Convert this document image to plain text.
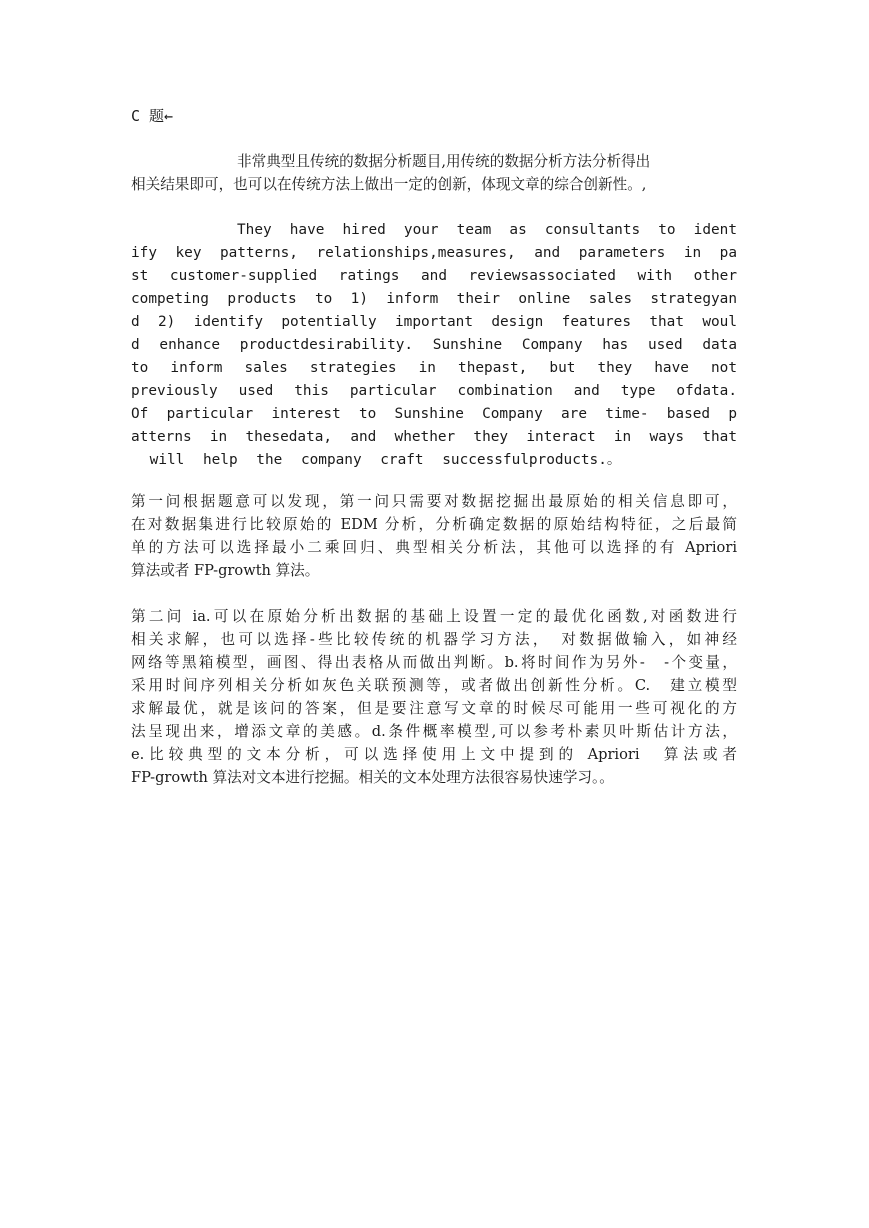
C 题←
非常典型且传统的数据分析题目,用传统的数据分析方法分析得出
相关结果即可，也可以在传统方法上做出一定的创新，体现文章的综合创新性。,
They have hired your team as consultants to ident
ify key patterns, relationships,measures, and parameters in pa
st customer-supplied ratings and reviewsassociated with other
competing products to 1) inform their online sales strategyan
d 2) identify potentially important design features that woul
d enhance productdesirability. Sunshine Company has used data
to inform sales strategies in thepast, but they have not
previously used this particular combination and type ofdata.
Of particular interest to Sunshine Company are time- based p
atterns in thesedata, and whether they interact in ways that
will help the company craft successfulproducts.。
第一问根据题意可以发现，第一问只需要对数据挖掘出最原始的相关信息即可，
在对数据集进行比较原始的 EDM 分析，分析确定数据的原始结构特征，之后最简
单的方法可以选择最小二乘回归、典型相关分析法，其他可以选择的有 Apriori
算法或者 FP-growth 算法。
第二问 ia.可以在原始分析出数据的基础上设置一定的最优化函数,对函数进行
相关求解，也可以选择-些比较传统的机器学习方法，　对数据做输入，如神经
网络等黑箱模型，画图、得出表格从而做出判断。b.将时间作为另外-　-个变量，
采用时间序列相关分析如灰色关联预测等，或者做出创新性分析。C.　建立模型
求解最优，就是该问的答案，但是要注意写文章的时候尽可能用一些可视化的方
法呈现出来，增添文章的美感。d.条件概率模型,可以参考朴素贝叶斯估计方法，
e.比较典型的文本分析，可以选择使用上文中提到的 Apriori　算法或者
FP-growth 算法对文本进行挖掘。相关的文本处理方法很容易快速学习。。
